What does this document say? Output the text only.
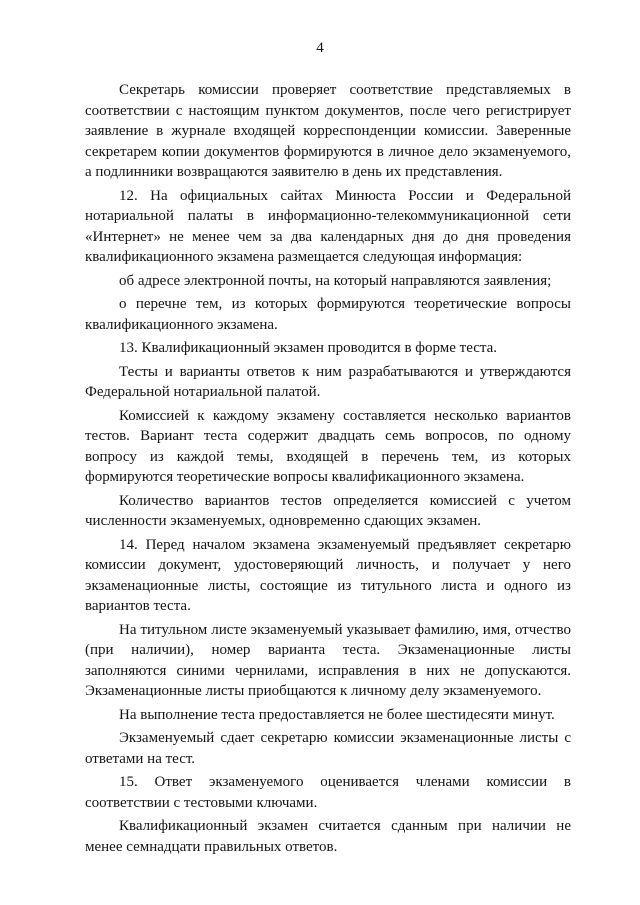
4

Секретарь комиссии проверяет соответствие представляемых в соответствии с настоящим пунктом документов, после чего регистрирует заявление в журнале входящей корреспонденции комиссии. Заверенные секретарем копии документов формируются в личное дело экзаменуемого, а подлинники возвращаются заявителю в день их представления.

12. На официальных сайтах Минюста России и Федеральной нотариальной палаты в информационно-телекоммуникационной сети «Интернет» не менее чем за два календарных дня до дня проведения квалификационного экзамена размещается следующая информация:

об адресе электронной почты, на который направляются заявления;

о перечне тем, из которых формируются теоретические вопросы квалификационного экзамена.

13. Квалификационный экзамен проводится в форме теста.

Тесты и варианты ответов к ним разрабатываются и утверждаются Федеральной нотариальной палатой.

Комиссией к каждому экзамену составляется несколько вариантов тестов. Вариант теста содержит двадцать семь вопросов, по одному вопросу из каждой темы, входящей в перечень тем, из которых формируются теоретические вопросы квалификационного экзамена.

Количество вариантов тестов определяется комиссией с учетом численности экзаменуемых, одновременно сдающих экзамен.

14. Перед началом экзамена экзаменуемый предъявляет секретарю комиссии документ, удостоверяющий личность, и получает у него экзаменационные листы, состоящие из титульного листа и одного из вариантов теста.

На титульном листе экзаменуемый указывает фамилию, имя, отчество (при наличии), номер варианта теста. Экзаменационные листы заполняются синими чернилами, исправления в них не допускаются. Экзаменационные листы приобщаются к личному делу экзаменуемого.

На выполнение теста предоставляется не более шестидесяти минут.

Экзаменуемый сдает секретарю комиссии экзаменационные листы с ответами на тест.

15. Ответ экзаменуемого оценивается членами комиссии в соответствии с тестовыми ключами.

Квалификационный экзамен считается сданным при наличии не менее семнадцати правильных ответов.
